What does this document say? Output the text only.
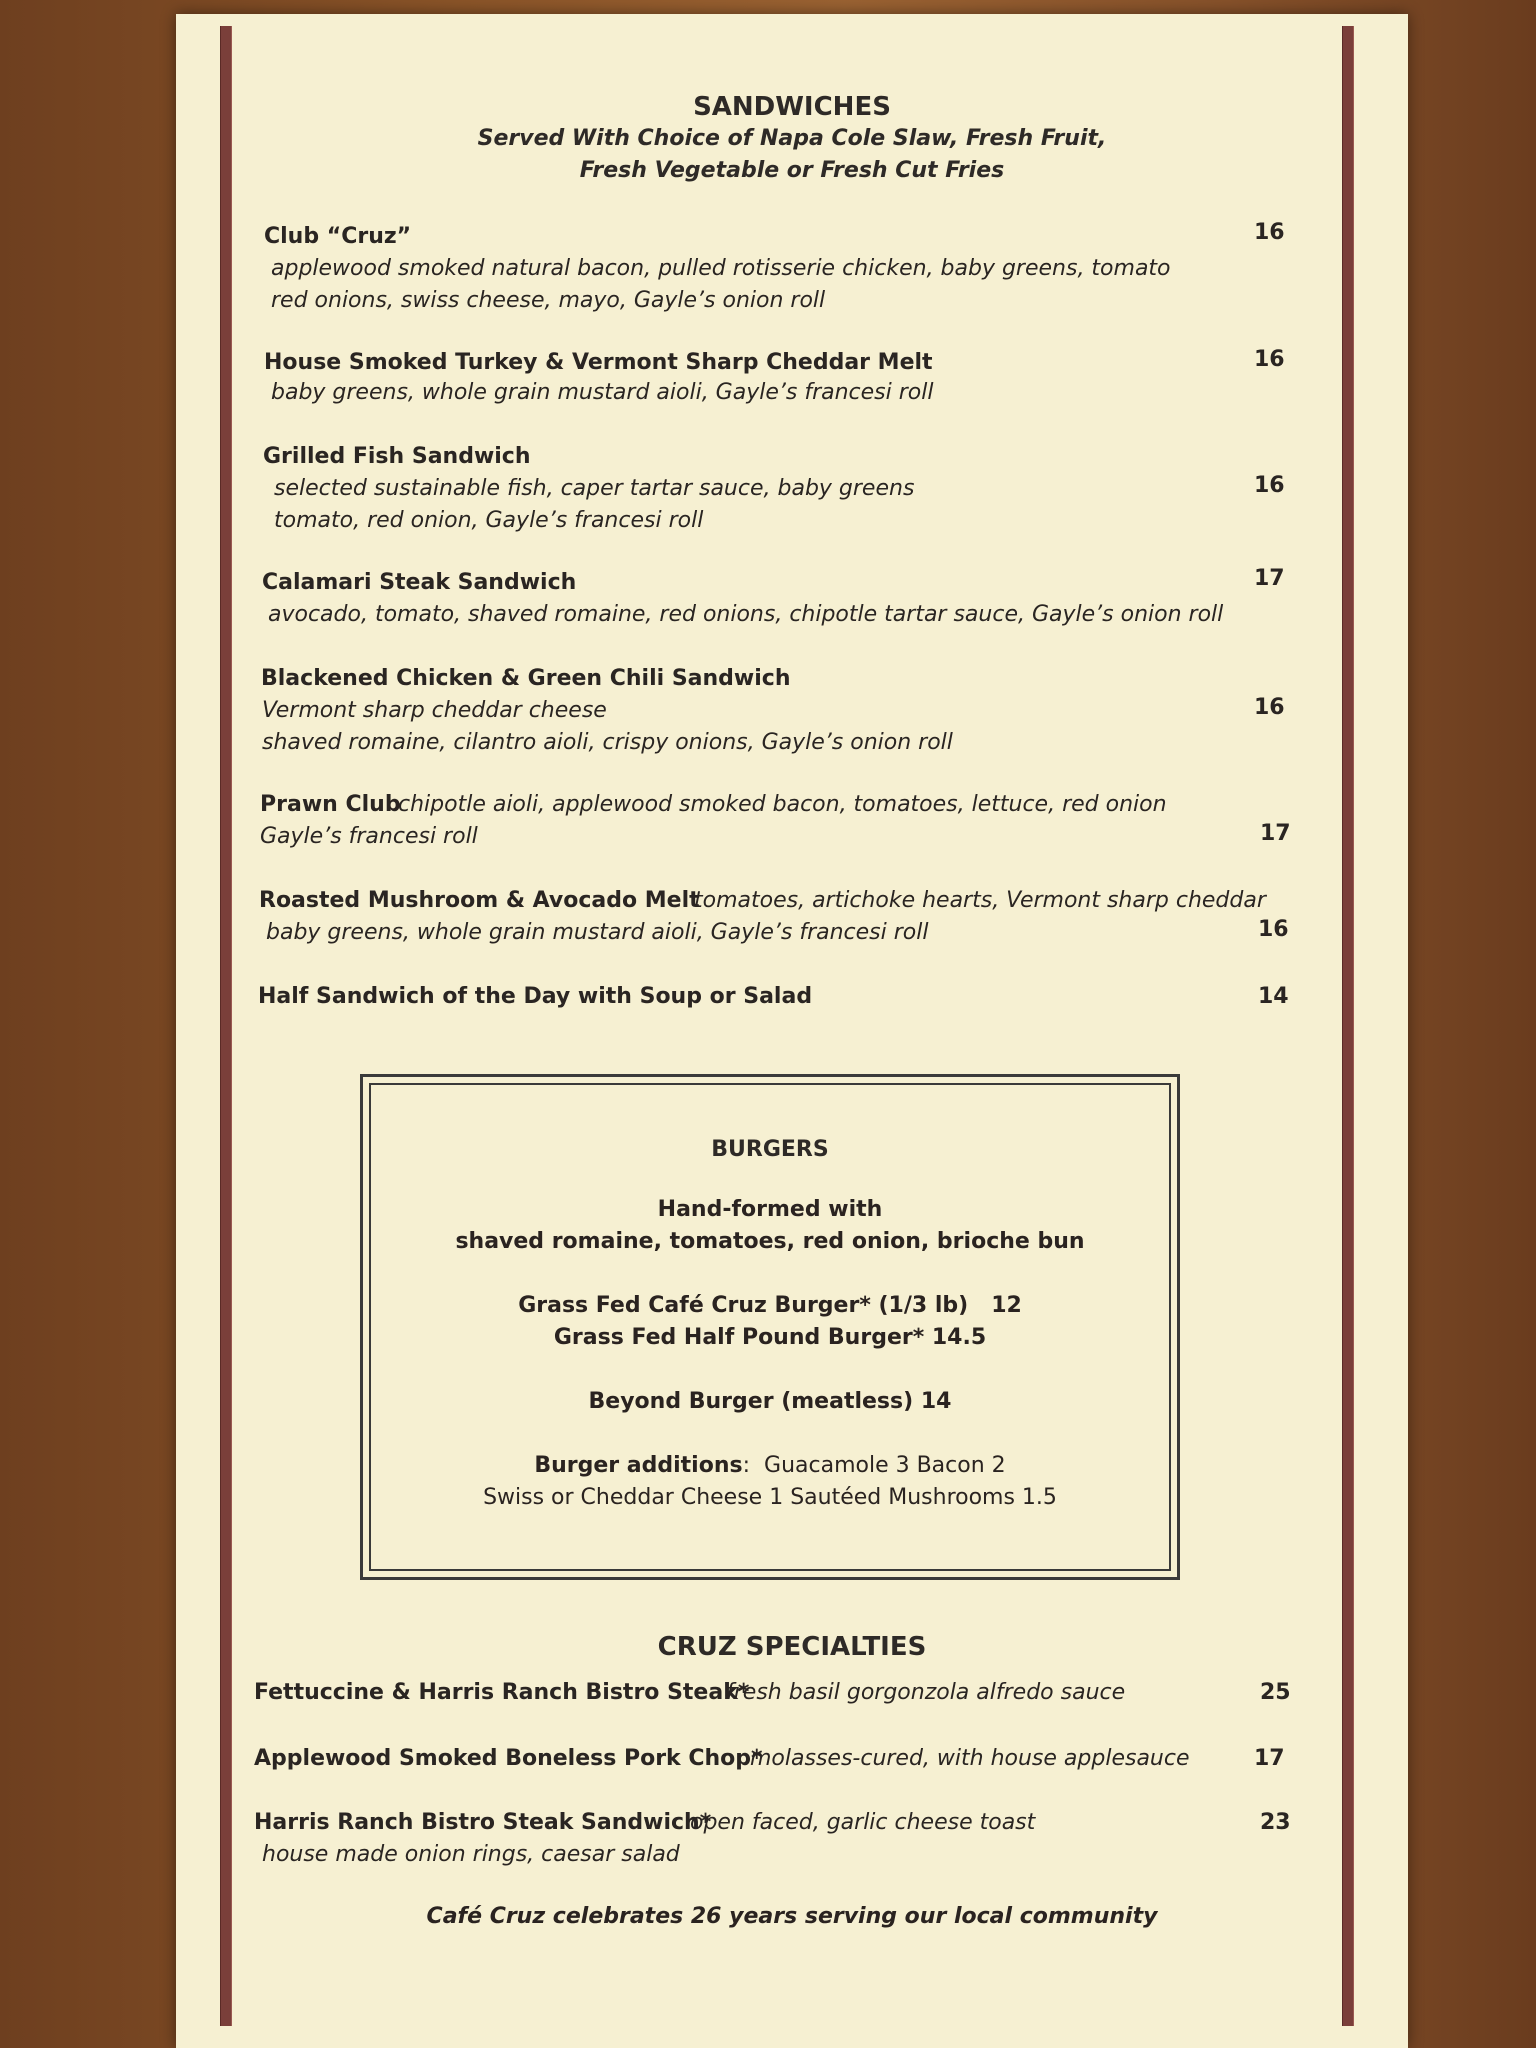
SANDWICHES
Served With Choice of Napa Cole Slaw, Fresh Fruit,
Fresh Vegetable or Fresh Cut Fries
Club “Cruz”
applewood smoked natural bacon, pulled rotisserie chicken, baby greens, tomato
red onions, swiss cheese, mayo, Gayle’s onion roll
16
House Smoked Turkey & Vermont Sharp Cheddar Melt
baby greens, whole grain mustard aioli, Gayle’s francesi roll
16
Grilled Fish Sandwich
selected sustainable fish, caper tartar sauce, baby greens
tomato, red onion, Gayle’s francesi roll
16
Calamari Steak Sandwich
avocado, tomato, shaved romaine, red onions, chipotle tartar sauce, Gayle’s onion roll
17
Blackened Chicken & Green Chili Sandwich
Vermont sharp cheddar cheese
shaved romaine, cilantro aioli, crispy onions, Gayle’s onion roll
16
Prawn Club
chipotle aioli, applewood smoked bacon, tomatoes, lettuce, red onion
Gayle’s francesi roll	17
Roasted Mushroom & Avocado Melt
tomatoes, artichoke hearts, Vermont sharp cheddar
baby greens, whole grain mustard aioli, Gayle’s francesi roll	16
Half Sandwich of the Day with Soup or Salad	14
BURGERS
Hand-formed with
shaved romaine, tomatoes, red onion, brioche bun
Grass Fed Café Cruz Burger* (1/3 lb) 12
Grass Fed Half Pound Burger* 14.5
Beyond Burger (meatless) 14
Burger additions:  Guacamole 3 Bacon 2
Swiss or Cheddar Cheese 1 Sautéed Mushrooms 1.5
CRUZ SPECIALTIES
Fettuccine & Harris Ranch Bistro Steak*
fresh basil gorgonzola alfredo sauce	25
Applewood Smoked Boneless Pork Chop*
molasses-cured, with house applesauce	17
Harris Ranch Bistro Steak Sandwich*
open faced, garlic cheese toast
house made onion rings, caesar salad
23
Café Cruz celebrates 26 years serving our local community
